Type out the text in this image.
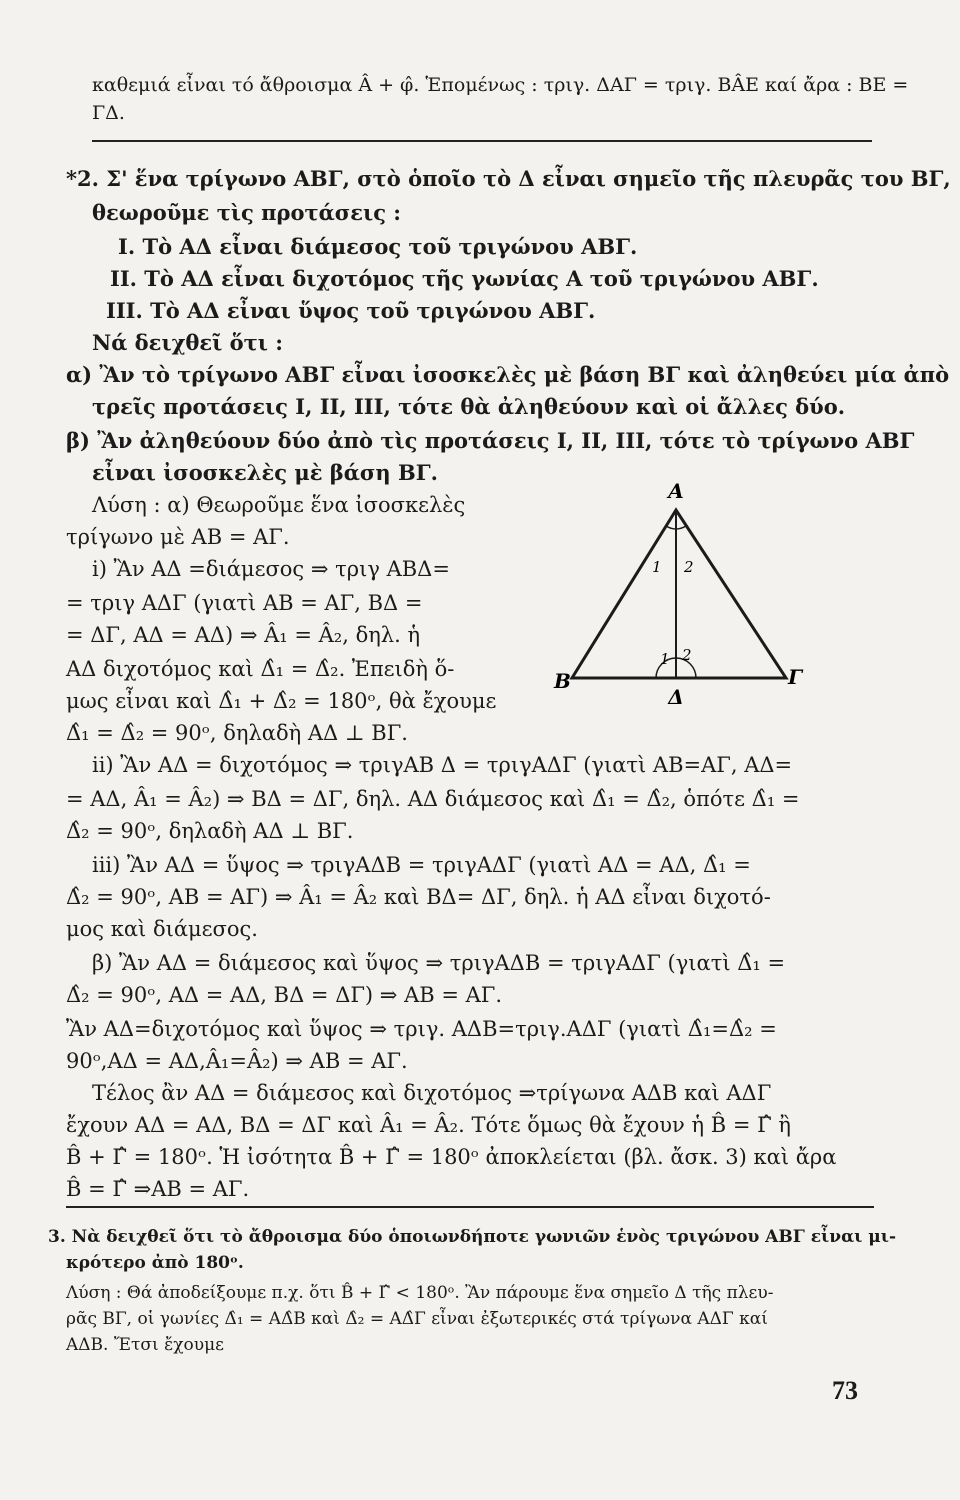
καθεμιά εἶναι τό ἄθροισμα Â + φ̂. Ἑπομένως : τριγ. ΔΑΓ = τριγ. ΒÂΕ καί ἄρα : ΒΕ =
ΓΔ.
*2. Σ' ἕνα τρίγωνο ΑΒΓ, στὸ ὁποῖο τὸ Δ εἶναι σημεῖο τῆς πλευρᾶς του ΒΓ,
θεωροῦμε τὶς προτάσεις :
I. Τὸ ΑΔ εἶναι διάμεσος τοῦ τριγώνου ΑΒΓ.
II. Τὸ ΑΔ εἶναι διχοτόμος τῆς γωνίας Α τοῦ τριγώνου ΑΒΓ.
III. Τὸ ΑΔ εἶναι ὕψος τοῦ τριγώνου ΑΒΓ.
Νά δειχθεῖ ὅτι :
α) Ἂν τὸ τρίγωνο ΑΒΓ εἶναι ἰσοσκελὲς μὲ βάση ΒΓ καὶ ἀληθεύει μία ἀπὸ
τρεῖς προτάσεις I, II, III, τότε θὰ ἀληθεύουν καὶ οἱ ἄλλες δύο.
β) Ἂν ἀληθεύουν δύο ἀπὸ τὶς προτάσεις I, II, III, τότε τὸ τρίγωνο ΑΒΓ
εἶναι ἰσοσκελὲς μὲ βάση ΒΓ.
Λύση : α) Θεωροῦμε ἕνα ἰσοσκελὲς
τρίγωνο μὲ ΑΒ = ΑΓ.
i) Ἂν ΑΔ =διάμεσος ⇒ τριγ ΑΒΔ=
= τριγ ΑΔΓ (γιατὶ ΑΒ = ΑΓ, ΒΔ =
= ΔΓ, ΑΔ = ΑΔ) ⇒ Â₁ = Â₂, δηλ. ἡ
ΑΔ διχοτόμος καὶ Δ̂₁ = Δ̂₂. Ἐπειδὴ ὅ-
μως εἶναι καὶ Δ̂₁ + Δ̂₂ = 180ᵒ, θὰ ἔχουμε
Δ̂₁ = Δ̂₂ = 90ᵒ, δηλαδὴ ΑΔ ⊥ ΒΓ.
ii) Ἂν ΑΔ = διχοτόμος ⇒ τριγΑΒ Δ = τριγΑΔΓ (γιατὶ ΑΒ=ΑΓ, ΑΔ=
= ΑΔ, Â₁ = Â₂) ⇒ ΒΔ = ΔΓ, δηλ. ΑΔ διάμεσος καὶ Δ̂₁ = Δ̂₂, ὁπότε Δ̂₁ =
Δ̂₂ = 90ᵒ, δηλαδὴ ΑΔ ⊥ ΒΓ.
iii) Ἂν ΑΔ = ὕψος ⇒ τριγΑΔΒ = τριγΑΔΓ (γιατὶ ΑΔ = ΑΔ, Δ̂₁ =
Δ̂₂ = 90ᵒ, ΑΒ = ΑΓ) ⇒ Â₁ = Â₂ καὶ ΒΔ= ΔΓ, δηλ. ἡ ΑΔ εἶναι διχοτό-
μος καὶ διάμεσος.
β) Ἂν ΑΔ = διάμεσος καὶ ὕψος ⇒ τριγΑΔΒ = τριγΑΔΓ (γιατὶ Δ̂₁ =
Δ̂₂ = 90ᵒ, ΑΔ = ΑΔ, ΒΔ = ΔΓ) ⇒ ΑΒ = ΑΓ.
Ἂν ΑΔ=διχοτόμος καὶ ὕψος ⇒ τριγ. ΑΔΒ=τριγ.ΑΔΓ (γιατὶ Δ̂₁=Δ̂₂ =
90ᵒ,ΑΔ = ΑΔ,Â₁=Â₂) ⇒ ΑΒ = ΑΓ.
Τέλος ἂν ΑΔ = διάμεσος καὶ διχοτόμος ⇒τρίγωνα ΑΔΒ καὶ ΑΔΓ
ἔχουν ΑΔ = ΑΔ, ΒΔ = ΔΓ καὶ Â₁ = Â₂. Τότε ὅμως θὰ ἔχουν ἡ B̂ = Γ̂ ἢ
B̂ + Γ̂ = 180ᵒ. Ἡ ἰσότητα B̂ + Γ̂ = 180ᵒ ἀποκλείεται (βλ. ἄσκ. 3) καὶ ἄρα
B̂ = Γ̂ ⇒ΑΒ = ΑΓ.
3. Νὰ δειχθεῖ ὅτι τὸ ἄθροισμα δύο ὁποιωνδήποτε γωνιῶν ἑνὸς τριγώνου ΑΒΓ εἶναι μι-
κρότερο ἀπὸ 180ᵒ.
Λύση : Θά ἀποδείξουμε π.χ. ὅτι B̂ + Γ̂ < 180ᵒ. Ἂν πάρουμε ἕνα σημεῖο Δ τῆς πλευ-
ρᾶς ΒΓ, οἱ γωνίες Δ̂₁ = ΑΔ̂Β καὶ Δ̂₂ = ΑΔ̂Γ εἶναι ἐξωτερικές στά τρίγωνα ΑΔΓ καί
ΑΔΒ. Ἔτσι ἔχουμε
A
1 2
1 2
B	Γ
Δ
73
